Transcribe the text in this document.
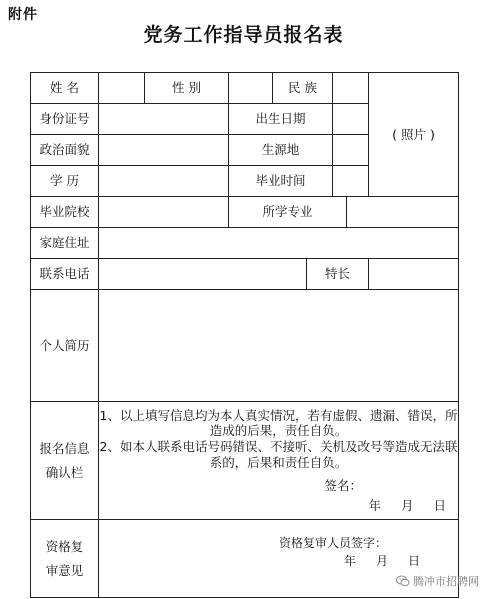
附件
党务工作指导员报名表
姓 名		性 别		民 族				( 照片 )
身份证号			出生日期					
政治面貌			生源地					
学 历			毕业时间					
毕业院校			所学专业					
家庭住址								
联系电话					特长			
个人简历								
报名信息确认栏	1、以上填写信息均为本人真实情况，若有虚假、遗漏、错误，所造成的后果，责任自负。

2、如本人联系电话号码错误、不接听、关机及改号等造成无法联系的，后果和责任自负。

签名：
年 月 日							

资格复审意见	资格复审人员签字：
年 月 日							
腾冲市招聘网
